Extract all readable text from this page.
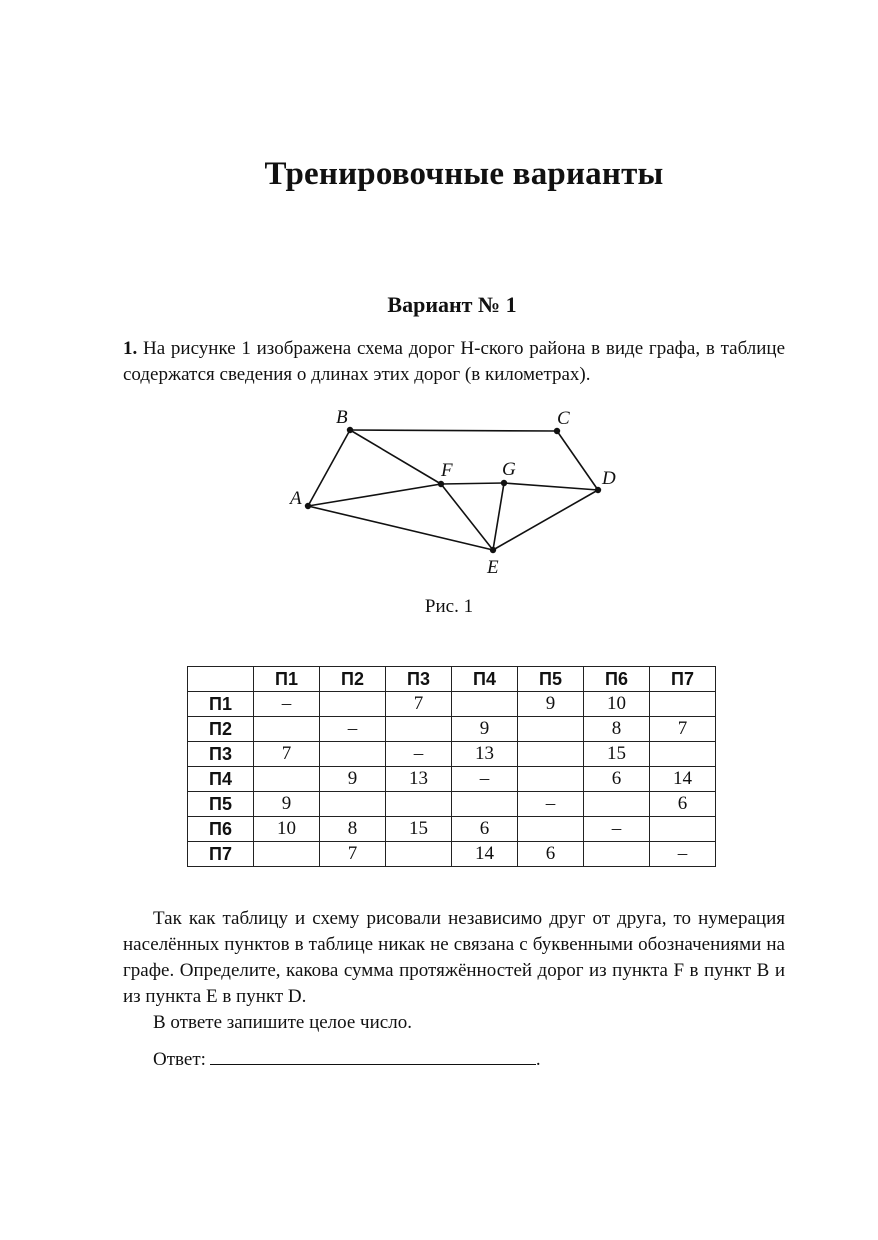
Тренировочные варианты
Вариант № 1

1. На рисунке 1 изображена схема дорог Н-ского района в виде графа, в таблице содержатся сведения о длинах этих дорог (в километрах).

A
B	C
D
E
F	G

Рис. 1

	П1	П2	П3	П4	П5	П6	П7
П1	–		7		9	10	
П2		–		9		8	7
П3	7		–	13		15	
П4		9	13	–		6	14
П5	9				–		6
П6	10	8	15	6		–	
П7		7		14	6		–

Так как таблицу и схему рисовали независимо друг от друга, то нумерация населённых пунктов в таблице никак не связана с буквенными обозначениями на графе. Определите, какова сумма протяжённостей дорог из пункта F в пункт B и из пункта E в пункт D.

В ответе запишите целое число.

Ответ:	.
